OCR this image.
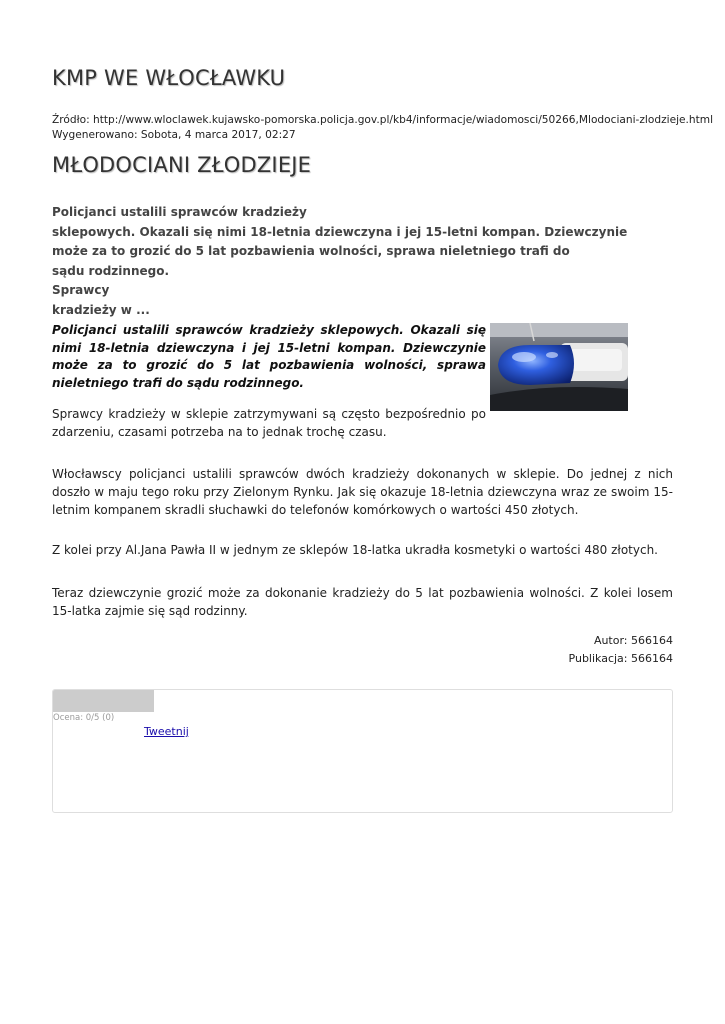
KMP WE WŁOCŁAWKU
Źródło: http://www.wloclawek.kujawsko-pomorska.policja.gov.pl/kb4/informacje/wiadomosci/50266,Mlodociani-zlodzieje.html
Wygenerowano: Sobota, 4 marca 2017, 02:27
MŁODOCIANI ZŁODZIEJE
Policjanci ustalili sprawców kradzieży
sklepowych. Okazali się nimi 18-letnia dziewczyna i jej 15-letni kompan. Dziewczynie
może za to grozić do 5 lat pozbawienia wolności, sprawa nieletniego trafi do
sądu rodzinnego.
Sprawcy
kradzieży w ...

Policjanci ustalili sprawców kradzieży sklepowych. Okazali się nimi 18-letnia dziewczyna i jej 15-letni kompan. Dziewczynie może za to grozić do 5 lat pozbawienia wolności, sprawa nieletniego trafi do sądu rodzinnego.

Sprawcy kradzieży w sklepie zatrzymywani są często bezpośrednio po zdarzeniu, czasami potrzeba na to jednak trochę czasu.

Włocławscy policjanci ustalili sprawców dwóch kradzieży dokonanych w sklepie. Do jednej z nich doszło w maju tego roku przy Zielonym Rynku. Jak się okazuje 18-letnia dziewczyna wraz ze swoim 15-letnim kompanem skradli słuchawki do telefonów komórkowych o wartości 450 złotych.

Z kolei przy Al.Jana Pawła II w jednym ze sklepów 18-latka ukradła kosmetyki o wartości 480 złotych.

Teraz dziewczynie grozić może za dokonanie kradzieży do 5 lat pozbawienia wolności. Z kolei losem 15-latka zajmie się sąd rodzinny.

Autor: 566164
Publikacja: 566164
Ocena: 0/5 (0)
Tweetnij
